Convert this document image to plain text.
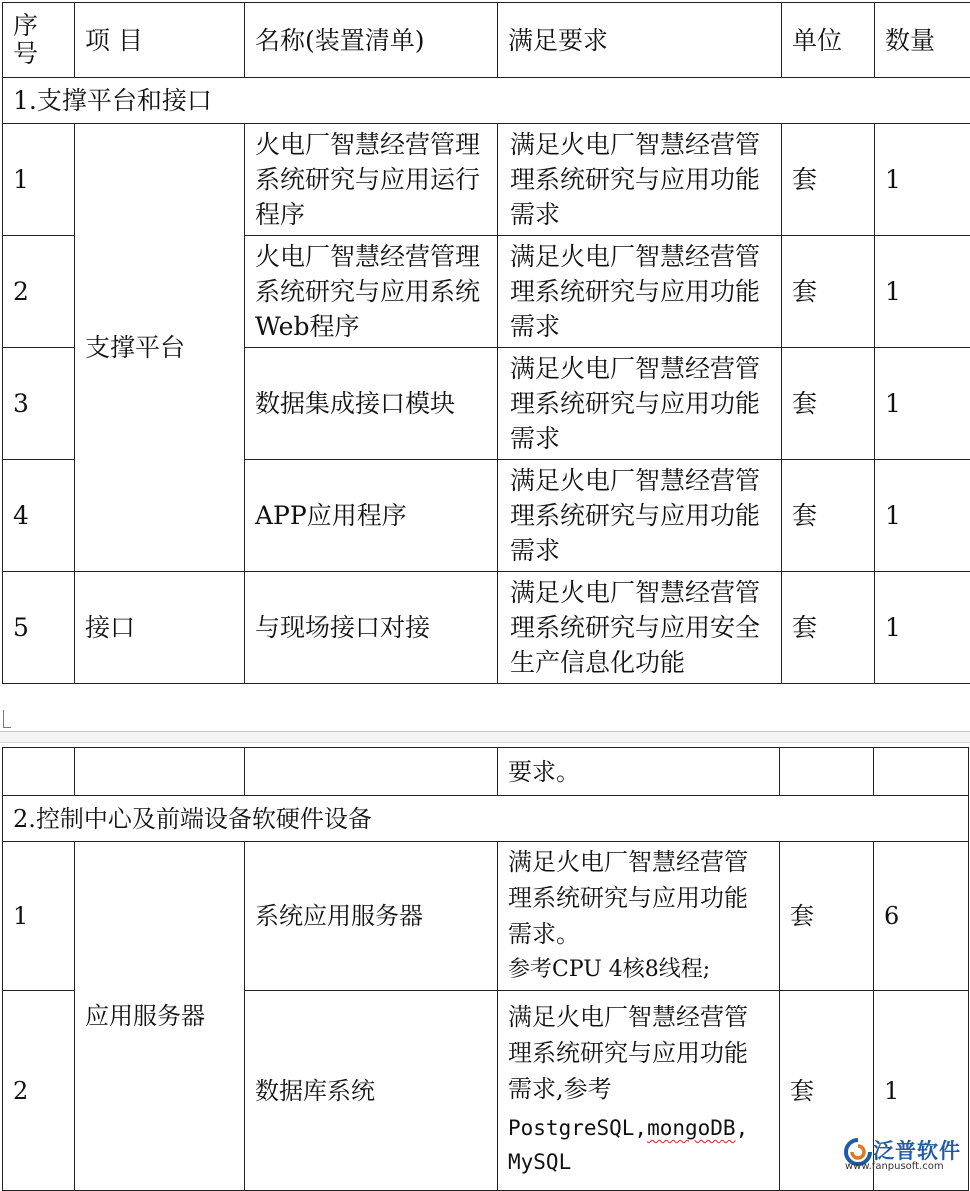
序号	项 目	名称(装置清单)	满足要求	单位	数量
1.支撑平台和接口					
1	支撑平台	火电厂智慧经营管理系统研究与应用运行程序	满足火电厂智慧经营管理系统研究与应用功能需求	套	1
2		火电厂智慧经营管理系统研究与应用系统Web程序	满足火电厂智慧经营管理系统研究与应用功能需求	套	1
3		数据集成接口模块	满足火电厂智慧经营管理系统研究与应用功能需求	套	1
4		APP应用程序	满足火电厂智慧经营管理系统研究与应用功能需求	套	1
5	接口	与现场接口对接	满足火电厂智慧经营管理系统研究与应用安全生产信息化功能	套	1
			要求。		
2.控制中心及前端设备软硬件设备					
1	应用服务器	系统应用服务器	满足火电厂智慧经营管理系统研究与应用功能需求。
参考CPU 4核8线程;	套	6
2		数据库系统	满足火电厂智慧经营管理系统研究与应用功能需求,参考
PostgreSQL,mongoDB,
MySQL	套	1
泛普软件
www.fanpusoft.com
